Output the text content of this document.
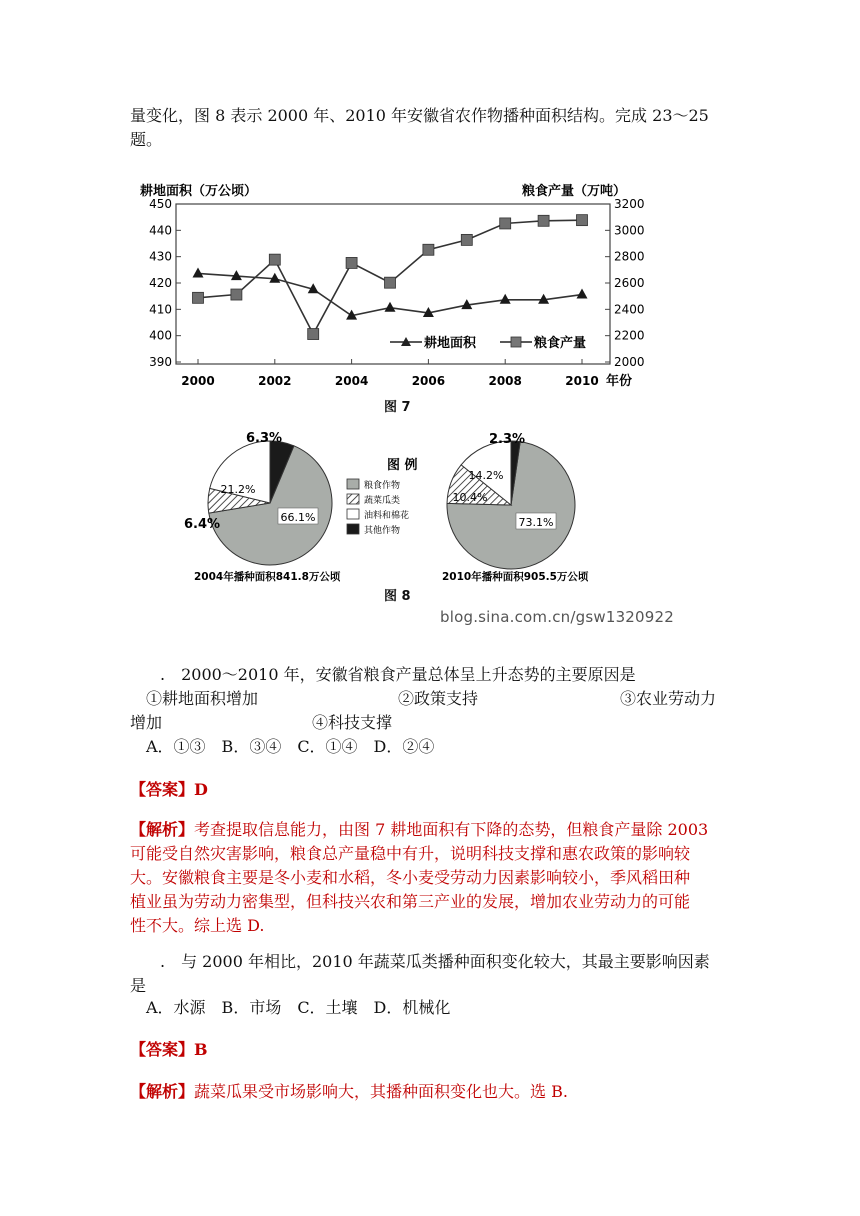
量变化，图 8 表示 2000 年、2010 年安徽省农作物播种面积结构。完成 23～25
题。
耕地面积（万公顷）	粮食产量（万吨）
450
440
430
420
410
400
390
3200
3000
2800
2600
2400
2200
2000
2000	2002	2004	2006	2008	2010 年份
耕地面积	粮食产量
图 7
66.1%
6.4%
21.2%
6.3%
73.1%
10.4%
14.2%
2.3%
图 例
粮食作物
蔬菜瓜类
油料和棉花
其他作物
2004年播种面积841.8万公顷	2010年播种面积905.5万公顷
图 8
blog.sina.com.cn/gsw1320922
.　2000～2010 年，安徽省粮食产量总体呈上升态势的主要原因是
①耕地面积增加	②政策支持	③农业劳动力
增加	④科技支撑
A．①③　B．③④　C．①④　D．②④
【答案】D
【解析】考查提取信息能力，由图 7 耕地面积有下降的态势，但粮食产量除 2003
可能受自然灾害影响，粮食总产量稳中有升，说明科技支撑和惠农政策的影响较
大。安徽粮食主要是冬小麦和水稻，冬小麦受劳动力因素影响较小，季风稻田种
植业虽为劳动力密集型，但科技兴农和第三产业的发展，增加农业劳动力的可能
性不大。综上选 D.
.　与 2000 年相比，2010 年蔬菜瓜类播种面积变化较大，其最主要影响因素
是
A．水源　B．市场　C．土壤　D．机械化
【答案】B
【解析】蔬菜瓜果受市场影响大，其播种面积变化也大。选 B.
